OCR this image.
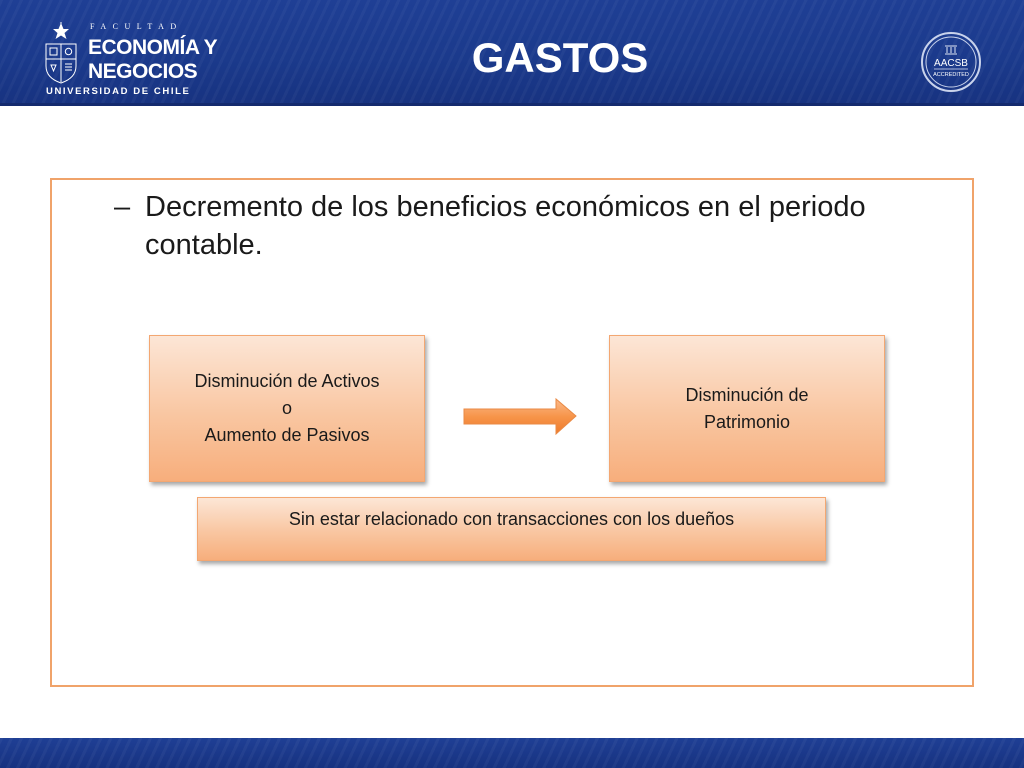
FACULTAD
ECONOMÍA Y
NEGOCIOS
UNIVERSIDAD DE CHILE
GASTOS	AACSB
ACCREDITED
– Decremento de los beneficios económicos en el periodo contable.
Disminución de Activos
o
Aumento de Pasivos
Disminución de
Patrimonio
Sin estar relacionado con transacciones con los dueños
